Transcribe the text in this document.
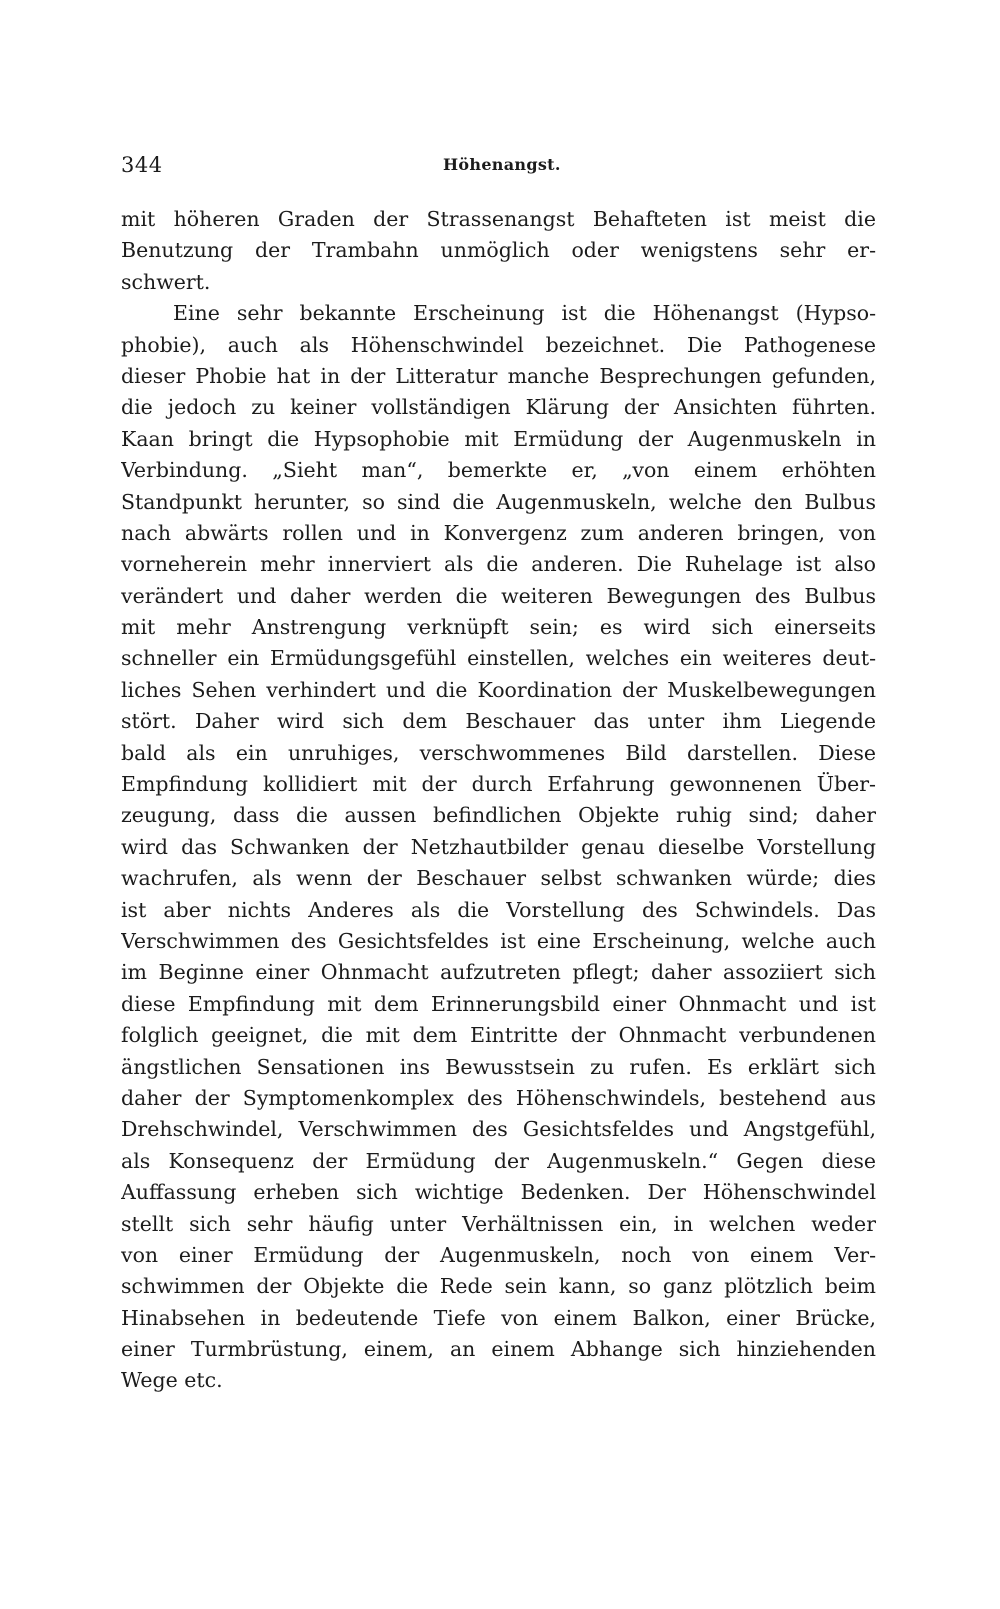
344	Höhenangst.
mit höheren Graden der Strassenangst Behafteten ist meist die
Benutzung der Trambahn unmöglich oder wenigstens sehr er-
schwert.
Eine sehr bekannte Erscheinung ist die Höhenangst (Hypso-
phobie), auch als Höhenschwindel bezeichnet. Die Pathogenese
dieser Phobie hat in der Litteratur manche Besprechungen gefunden,
die jedoch zu keiner vollständigen Klärung der Ansichten führten.
Kaan bringt die Hypsophobie mit Ermüdung der Augenmuskeln in
Verbindung. „Sieht man“, bemerkte er, „von einem erhöhten
Standpunkt herunter, so sind die Augenmuskeln, welche den Bulbus
nach abwärts rollen und in Konvergenz zum anderen bringen, von
vorneherein mehr innerviert als die anderen. Die Ruhelage ist also
verändert und daher werden die weiteren Bewegungen des Bulbus
mit mehr Anstrengung verknüpft sein; es wird sich einerseits
schneller ein Ermüdungsgefühl einstellen, welches ein weiteres deut-
liches Sehen verhindert und die Koordination der Muskelbewegungen
stört. Daher wird sich dem Beschauer das unter ihm Liegende
bald als ein unruhiges, verschwommenes Bild darstellen. Diese
Empfindung kollidiert mit der durch Erfahrung gewonnenen Über-
zeugung, dass die aussen befindlichen Objekte ruhig sind; daher
wird das Schwanken der Netzhautbilder genau dieselbe Vorstellung
wachrufen, als wenn der Beschauer selbst schwanken würde; dies
ist aber nichts Anderes als die Vorstellung des Schwindels. Das
Verschwimmen des Gesichtsfeldes ist eine Erscheinung, welche auch
im Beginne einer Ohnmacht aufzutreten pflegt; daher assoziiert sich
diese Empfindung mit dem Erinnerungsbild einer Ohnmacht und ist
folglich geeignet, die mit dem Eintritte der Ohnmacht verbundenen
ängstlichen Sensationen ins Bewusstsein zu rufen. Es erklärt sich
daher der Symptomenkomplex des Höhenschwindels, bestehend aus
Drehschwindel, Verschwimmen des Gesichtsfeldes und Angstgefühl,
als Konsequenz der Ermüdung der Augenmuskeln.“ Gegen diese
Auffassung erheben sich wichtige Bedenken. Der Höhenschwindel
stellt sich sehr häufig unter Verhältnissen ein, in welchen weder
von einer Ermüdung der Augenmuskeln, noch von einem Ver-
schwimmen der Objekte die Rede sein kann, so ganz plötzlich beim
Hinabsehen in bedeutende Tiefe von einem Balkon, einer Brücke,
einer Turmbrüstung, einem, an einem Abhange sich hinziehenden
Wege etc.
